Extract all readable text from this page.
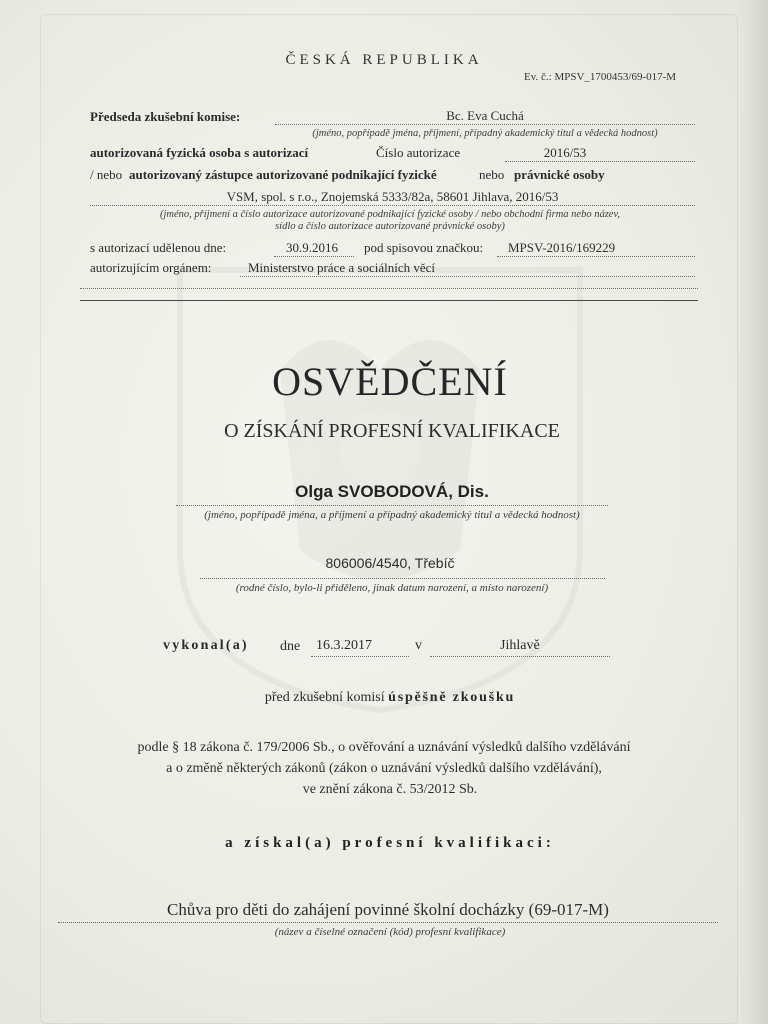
ČESKÁ REPUBLIKA
Ev. č.: MPSV_1700453/69-017-M
Předseda zkušební komise:	Bc. Eva Cuchá
(jméno, popřípadě jména, příjmení, případný akademický titul a vědecká hodnost)
autorizovaná fyzická osoba s autorizací	Číslo autorizace	2016/53
/ nebo autorizovaný zástupce autorizované podnikající fyzické	nebo právnické osoby
VSM, spol. s r.o., Znojemská 5333/82a, 58601 Jihlava, 2016/53
(jméno, příjmení a číslo autorizace autorizované podnikající fyzické osoby / nebo obchodní firma nebo název,
sídlo a číslo autorizace autorizované právnické osoby)
s autorizací udělenou dne:	30.9.2016 pod spisovou značkou: MPSV-2016/169229
autorizujícím orgánem:	Ministerstvo práce a sociálních věcí
OSVĚDČENÍ
O ZÍSKÁNÍ PROFESNÍ KVALIFIKACE
Olga SVOBODOVÁ, Dis.
(jméno, popřípadě jména, a příjmení a případný akademický titul a vědecká hodnost)
806006/4540, Třebíč
(rodné číslo, bylo-li přiděleno, jinak datum narození, a místo narození)
vykonal(a) dne 16.3.2017	v	Jihlavě
před zkušební komisí úspěšně zkoušku
podle § 18 zákona č. 179/2006 Sb., o ověřování a uznávání výsledků dalšího vzdělávání
a o změně některých zákonů (zákon o uznávání výsledků dalšího vzdělávání),
ve znění zákona č. 53/2012 Sb.
a získal(a) profesní kvalifikaci:
Chůva pro děti do zahájení povinné školní docházky (69-017-M)
(název a číselné označení (kód) profesní kvalifikace)
